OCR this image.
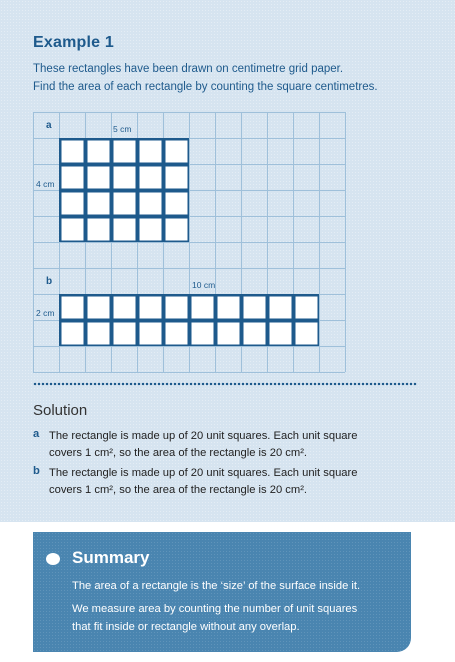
Example 1
These rectangles have been drawn on centimetre grid paper.
Find the area of each rectangle by counting the square centimetres.
a	5 cm
4 cm
b	10 cm
2 cm
Solution
a The rectangle is made up of 20 unit squares. Each unit square
covers 1 cm², so the area of the rectangle is 20 cm².
b The rectangle is made up of 20 unit squares. Each unit square
covers 1 cm², so the area of the rectangle is 20 cm².
Summary
The area of a rectangle is the ‘size’ of the surface inside it.
We measure area by counting the number of unit squares
that fit inside or rectangle without any overlap.
